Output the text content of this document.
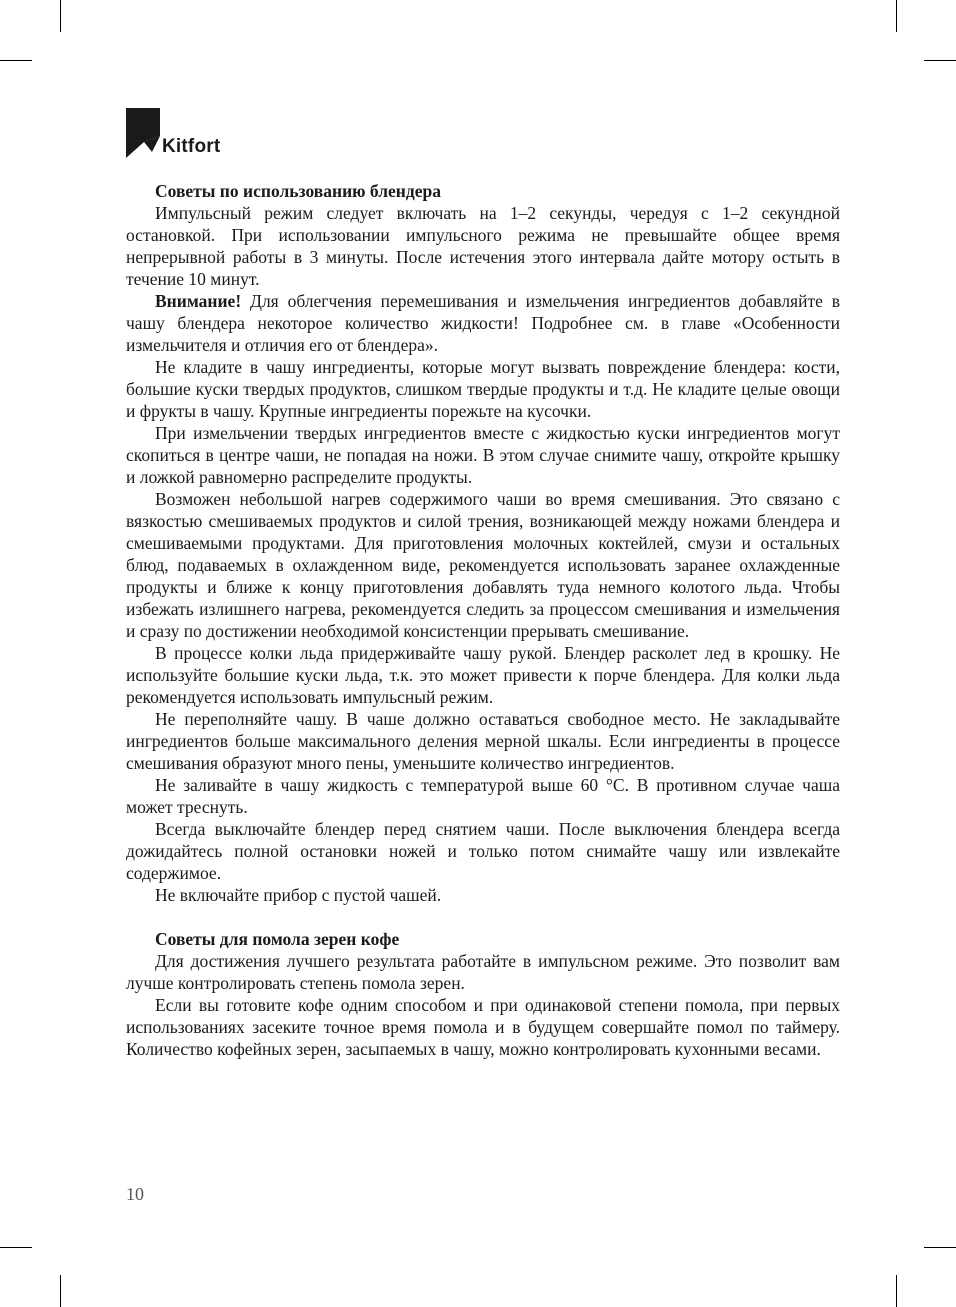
Kitfort
Советы по использованию блендера

Импульсный режим следует включать на 1–2 секунды, чередуя с 1–2 секундной остановкой. При использовании импульсного режима не превышайте общее время непрерывной работы в 3 минуты. После истечения этого интервала дайте мотору остыть в течение 10 минут.

Внимание! Для облегчения перемешивания и измельчения ингредиентов добавляйте в чашу блендера некоторое количество жидкости! Подробнее см. в главе «Особенности измельчителя и отличия его от блендера».

Не кладите в чашу ингредиенты, которые могут вызвать повреждение блендера: кости, большие куски твердых продуктов, слишком твердые продукты и т.д. Не кладите целые овощи и фрукты в чашу. Крупные ингредиенты порежьте на кусочки.

При измельчении твердых ингредиентов вместе с жидкостью куски ингредиентов могут скопиться в центре чаши, не попадая на ножи. В этом случае снимите чашу, откройте крышку и ложкой равномерно распределите продукты.

Возможен небольшой нагрев содержимого чаши во время смешивания. Это связано с вязкостью смешиваемых продуктов и силой трения, возникающей между ножами блендера и смешиваемыми продуктами. Для приготовления молочных коктейлей, смузи и остальных блюд, подаваемых в охлажденном виде, рекомендуется использовать заранее охлажденные продукты и ближе к концу приготовления добавлять туда немного колотого льда. Чтобы избежать излишнего нагрева, рекомендуется следить за процессом смешивания и измельчения и сразу по достижении необходимой консистенции прерывать смешивание.

В процессе колки льда придерживайте чашу рукой. Блендер расколет лед в крошку. Не используйте большие куски льда, т.к. это может привести к порче блендера. Для колки льда рекомендуется использовать импульсный режим.

Не переполняйте чашу. В чаше должно оставаться свободное место. Не закладывайте ингредиентов больше максимального деления мерной шкалы. Если ингредиенты в процессе смешивания образуют много пены, уменьшите количество ингредиентов.

Не заливайте в чашу жидкость с температурой выше 60 °C. В противном случае чаша может треснуть.

Всегда выключайте блендер перед снятием чаши. После выключения блендера всегда дожидайтесь полной остановки ножей и только потом снимайте чашу или извлекайте содержимое.

Не включайте прибор с пустой чашей.

Советы для помола зерен кофе

Для достижения лучшего результата работайте в импульсном режиме. Это позволит вам лучше контролировать степень помола зерен.

Если вы готовите кофе одним способом и при одинаковой степени помола, при первых использованиях засеките точное время помола и в будущем совершайте помол по таймеру. Количество кофейных зерен, засыпаемых в чашу, можно контролировать кухонными весами.

10
